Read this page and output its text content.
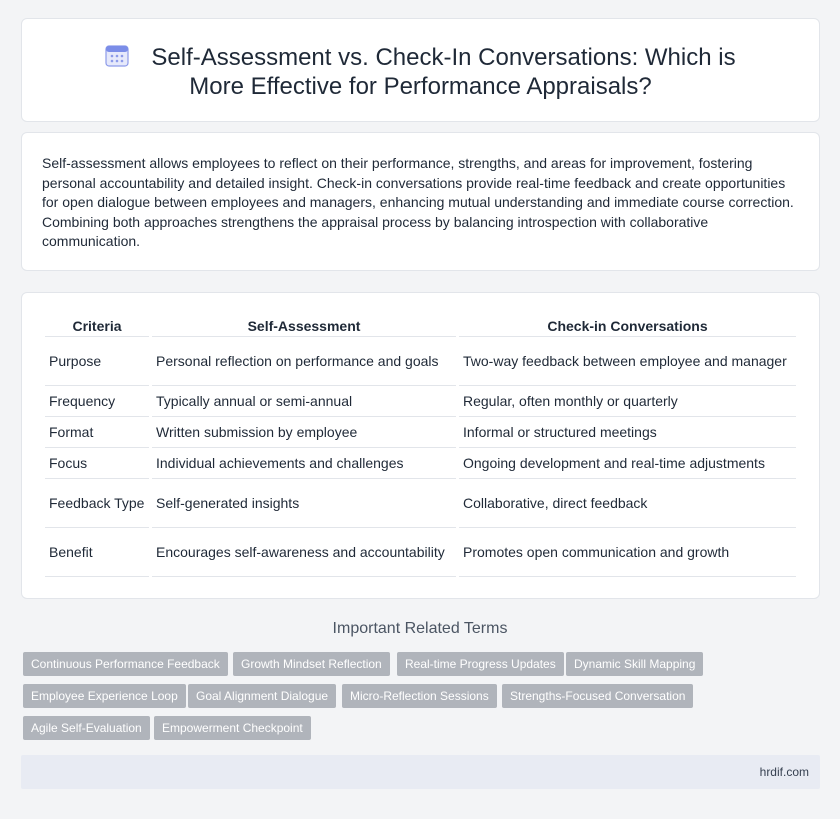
Self-Assessment vs. Check-In Conversations: Which is More Effective for Performance Appraisals?

Self-assessment allows employees to reflect on their performance, strengths, and areas for improvement, fostering personal accountability and detailed insight. Check-in conversations provide real-time feedback and create opportunities for open dialogue between employees and managers, enhancing mutual understanding and immediate course correction. Combining both approaches strengthens the appraisal process by balancing introspection with collaborative communication.

Criteria	Self-Assessment	Check-in Conversations
Purpose	Personal reflection on performance and goals	Two-way feedback between employee and manager
Frequency	Typically annual or semi-annual	Regular, often monthly or quarterly
Format	Written submission by employee	Informal or structured meetings
Focus	Individual achievements and challenges	Ongoing development and real-time adjustments
Feedback Type	Self-generated insights	Collaborative, direct feedback
Benefit	Encourages self-awareness and accountability	Promotes open communication and growth
Important Related Terms
Continuous Performance Feedback	Growth Mindset Reflection	Real-time Progress Updates	Dynamic Skill Mapping
Employee Experience Loop	Goal Alignment Dialogue	Micro-Reflection Sessions	Strengths-Focused Conversation
Agile Self-Evaluation	Empowerment Checkpoint
hrdif.com
